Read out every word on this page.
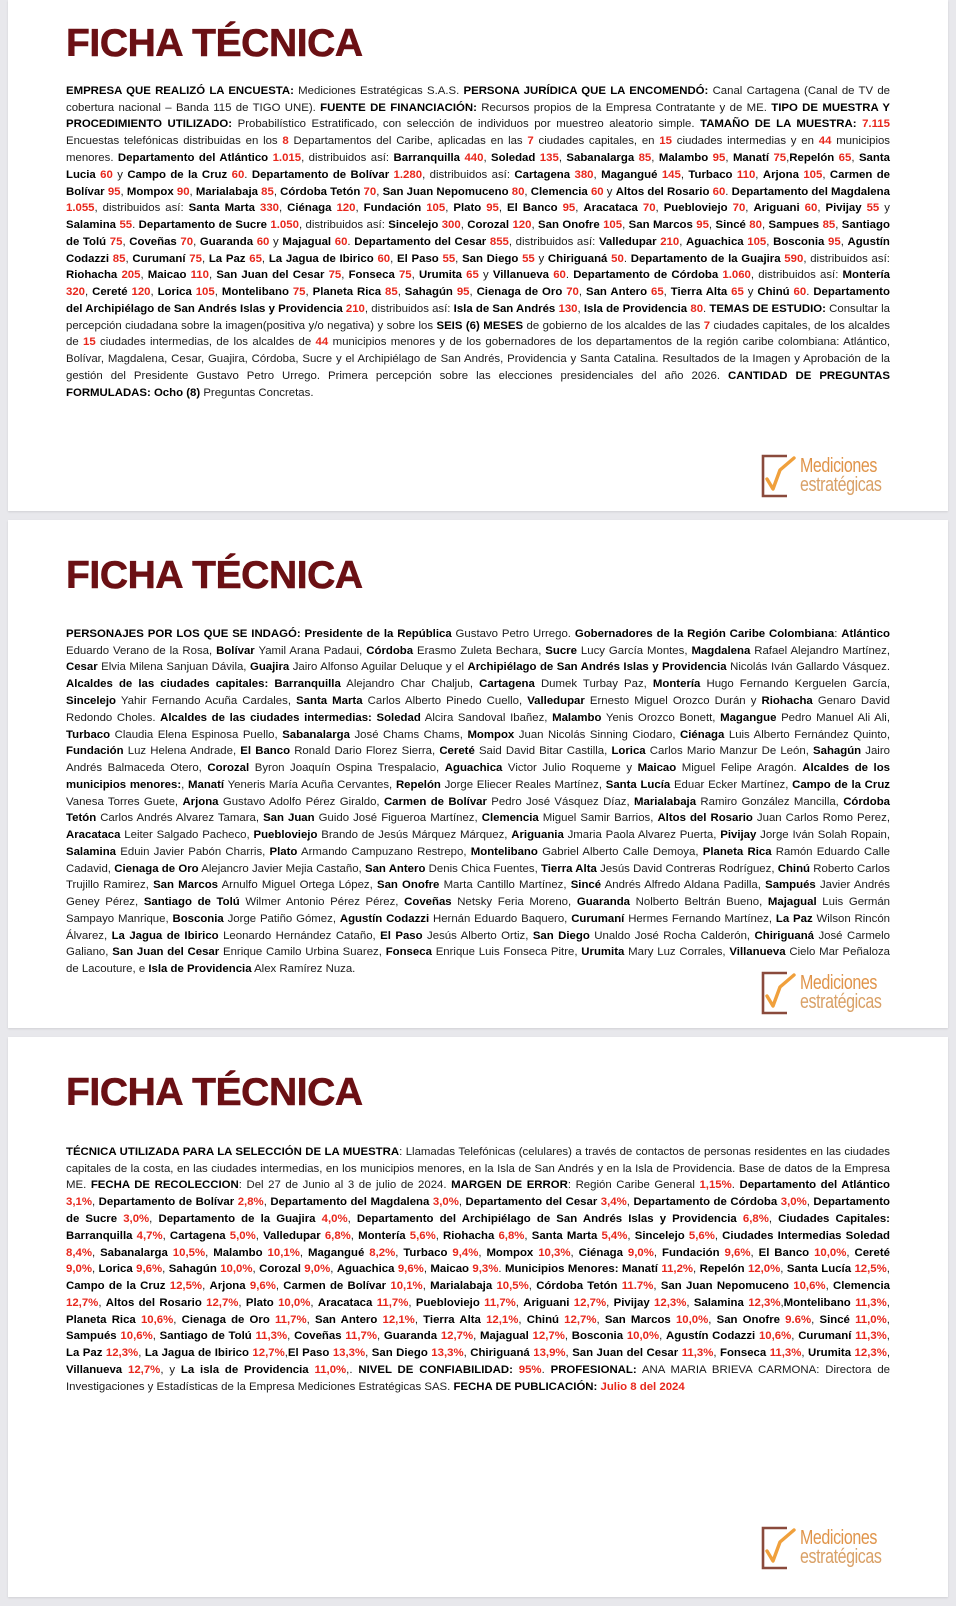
FICHA TÉCNICA
EMPRESA QUE REALIZÓ LA ENCUESTA: Mediciones Estratégicas S.A.S. PERSONA JURÍDICA QUE LA ENCOMENDÓ: Canal Cartagena (Canal de TV de cobertura nacional – Banda 115 de TIGO UNE). FUENTE DE FINANCIACIÓN: Recursos propios de la Empresa Contratante y de ME. TIPO DE MUESTRA Y PROCEDIMIENTO UTILIZADO: Probabilístico Estratificado, con selección de individuos por muestreo aleatorio simple. TAMAÑO DE LA MUESTRA: 7.115 Encuestas telefónicas distribuidas en los 8 Departamentos del Caribe, aplicadas en las 7 ciudades capitales, en 15 ciudades intermedias y en 44 municipios menores. Departamento del Atlántico 1.015, distribuidos así: Barranquilla 440, Soledad 135, Sabanalarga 85, Malambo 95, Manatí 75,Repelón 65, Santa Lucia 60 y Campo de la Cruz 60. Departamento de Bolívar 1.280, distribuidos así: Cartagena 380, Magangué 145, Turbaco 110, Arjona 105, Carmen de Bolívar 95, Mompox 90, Marialabaja 85, Córdoba Tetón 70, San Juan Nepomuceno 80, Clemencia 60 y Altos del Rosario 60. Departamento del Magdalena 1.055, distribuidos así: Santa Marta 330, Ciénaga 120, Fundación 105, Plato 95, El Banco 95, Aracataca 70, Puebloviejo 70, Ariguani 60, Pivijay 55 y Salamina 55. Departamento de Sucre 1.050, distribuidos así: Sincelejo 300, Corozal 120, San Onofre 105, San Marcos 95, Sincé 80, Sampues 85, Santiago de Tolú 75, Coveñas 70, Guaranda 60 y Majagual 60. Departamento del Cesar 855, distribuidos así: Valledupar 210, Aguachica 105, Bosconia 95, Agustín Codazzi 85, Curumaní 75, La Paz 65, La Jagua de Ibirico 60, El Paso 55, San Diego 55 y Chiriguaná 50. Departamento de la Guajira 590, distribuidos así: Riohacha 205, Maicao 110, San Juan del Cesar 75, Fonseca 75, Urumita 65 y Villanueva 60. Departamento de Córdoba 1.060, distribuidos así: Montería 320, Cereté 120, Lorica 105, Montelibano 75, Planeta Rica 85, Sahagún 95, Cienaga de Oro 70, San Antero 65, Tierra Alta 65 y Chinú 60. Departamento del Archipiélago de San Andrés Islas y Providencia 210, distribuidos así: Isla de San Andrés 130, Isla de Providencia 80. TEMAS DE ESTUDIO: Consultar la percepción ciudadana sobre la imagen(positiva y/o negativa) y sobre los SEIS (6) MESES de gobierno de los alcaldes de las 7 ciudades capitales, de los alcaldes de 15 ciudades intermedias, de los alcaldes de 44 municipios menores y de los gobernadores de los departamentos de la región caribe colombiana: Atlántico, Bolívar, Magdalena, Cesar, Guajira, Córdoba, Sucre y el Archipiélago de San Andrés, Providencia y Santa Catalina. Resultados de la Imagen y Aprobación de la gestión del Presidente Gustavo Petro Urrego. Primera percepción sobre las elecciones presidenciales del año 2026. CANTIDAD DE PREGUNTAS FORMULADAS: Ocho (8) Preguntas Concretas.
Mediciones
estratégicas
FICHA TÉCNICA
PERSONAJES POR LOS QUE SE INDAGÓ: Presidente de la República Gustavo Petro Urrego. Gobernadores de la Región Caribe Colombiana: Atlántico Eduardo Verano de la Rosa, Bolívar Yamil Arana Padaui, Córdoba Erasmo Zuleta Bechara, Sucre Lucy García Montes, Magdalena Rafael Alejandro Martínez, Cesar Elvia Milena Sanjuan Dávila, Guajira Jairo Alfonso Aguilar Deluque y el Archipiélago de San Andrés Islas y Providencia Nicolás Iván Gallardo Vásquez. Alcaldes de las ciudades capitales: Barranquilla Alejandro Char Chaljub, Cartagena Dumek Turbay Paz, Montería Hugo Fernando Kerguelen García, Sincelejo Yahir Fernando Acuña Cardales, Santa Marta Carlos Alberto Pinedo Cuello, Valledupar Ernesto Miguel Orozco Durán y Riohacha Genaro David Redondo Choles. Alcaldes de las ciudades intermedias: Soledad Alcira Sandoval Ibañez, Malambo Yenis Orozco Bonett, Magangue Pedro Manuel Ali Ali, Turbaco Claudia Elena Espinosa Puello, Sabanalarga José Chams Chams, Mompox Juan Nicolás Sinning Ciodaro, Ciénaga Luis Alberto Fernández Quinto, Fundación Luz Helena Andrade, El Banco Ronald Dario Florez Sierra, Cereté Said David Bitar Castilla, Lorica Carlos Mario Manzur De León, Sahagún Jairo Andrés Balmaceda Otero, Corozal Byron Joaquín Ospina Trespalacio, Aguachica Victor Julio Roqueme y Maicao Miguel Felipe Aragón. Alcaldes de los municipios menores:, Manatí Yeneris María Acuña Cervantes, Repelón Jorge Eliecer Reales Martínez, Santa Lucía Eduar Ecker Martínez, Campo de la Cruz Vanesa Torres Guete, Arjona Gustavo Adolfo Pérez Giraldo, Carmen de Bolívar Pedro José Vásquez Díaz, Marialabaja Ramiro González Mancilla, Córdoba Tetón Carlos Andrés Alvarez Tamara, San Juan Guido José Figueroa Martínez, Clemencia Miguel Samir Barrios, Altos del Rosario Juan Carlos Romo Perez, Aracataca Leiter Salgado Pacheco, Puebloviejo Brando de Jesús Márquez Márquez, Ariguania Jmaria Paola Alvarez Puerta, Pivijay Jorge Iván Solah Ropain, Salamina Eduin Javier Pabón Charris, Plato Armando Campuzano Restrepo, Montelibano Gabriel Alberto Calle Demoya, Planeta Rica Ramón Eduardo Calle Cadavid, Cienaga de Oro Alejancro Javier Mejia Castaño, San Antero Denis Chica Fuentes, Tierra Alta Jesús David Contreras Rodríguez, Chinú Roberto Carlos Trujillo Ramirez, San Marcos Arnulfo Miguel Ortega López, San Onofre Marta Cantillo Martínez, Sincé Andrés Alfredo Aldana Padilla, Sampués Javier Andrés Geney Pérez, Santiago de Tolú Wilmer Antonio Pérez Pérez, Coveñas Netsky Feria Moreno, Guaranda Nolberto Beltrán Bueno, Majagual Luis Germán Sampayo Manrique, Bosconia Jorge Patiño Gómez, Agustín Codazzi Hernán Eduardo Baquero, Curumaní Hermes Fernando Martínez, La Paz Wilson Rincón Álvarez, La Jagua de Ibirico Leonardo Hernández Cataño, El Paso Jesús Alberto Ortiz, San Diego Unaldo José Rocha Calderón, Chiriguaná José Carmelo Galiano, San Juan del Cesar Enrique Camilo Urbina Suarez, Fonseca Enrique Luis Fonseca Pitre, Urumita Mary Luz Corrales, Villanueva Cielo Mar Peñaloza de Lacouture, e Isla de Providencia Alex Ramírez Nuza.
Mediciones
estratégicas
FICHA TÉCNICA
TÉCNICA UTILIZADA PARA LA SELECCIÓN DE LA MUESTRA: Llamadas Telefónicas (celulares) a través de contactos de personas residentes en las ciudades capitales de la costa, en las ciudades intermedias, en los municipios menores, en la Isla de San Andrés y en la Isla de Providencia. Base de datos de la Empresa ME. FECHA DE RECOLECCION: Del 27 de Junio al 3 de julio de 2024. MARGEN DE ERROR: Región Caribe General 1,15%. Departamento del Atlántico 3,1%, Departamento de Bolívar 2,8%, Departamento del Magdalena 3,0%, Departamento del Cesar 3,4%, Departamento de Córdoba 3,0%, Departamento de Sucre 3,0%, Departamento de la Guajira 4,0%, Departamento del Archipiélago de San Andrés Islas y Providencia 6,8%, Ciudades Capitales: Barranquilla 4,7%, Cartagena 5,0%, Valledupar 6,8%, Montería 5,6%, Riohacha 6,8%, Santa Marta 5,4%, Sincelejo 5,6%, Ciudades Intermedias Soledad 8,4%, Sabanalarga 10,5%, Malambo 10,1%, Magangué 8,2%, Turbaco 9,4%, Mompox 10,3%, Ciénaga 9,0%, Fundación 9,6%, El Banco 10,0%, Cereté 9,0%, Lorica 9,6%, Sahagún 10,0%, Corozal 9,0%, Aguachica 9,6%, Maicao 9,3%. Municipios Menores: Manatí 11,2%, Repelón 12,0%, Santa Lucía 12,5%, Campo de la Cruz 12,5%, Arjona 9,6%, Carmen de Bolívar 10,1%, Marialabaja 10,5%, Córdoba Tetón 11.7%, San Juan Nepomuceno 10,6%, Clemencia 12,7%, Altos del Rosario 12,7%, Plato 10,0%, Aracataca 11,7%, Puebloviejo 11,7%, Ariguani 12,7%, Pivijay 12,3%, Salamina 12,3%,Montelibano 11,3%, Planeta Rica 10,6%, Cienaga de Oro 11,7%, San Antero 12,1%, Tierra Alta 12,1%, Chinú 12,7%, San Marcos 10,0%, San Onofre 9.6%, Sincé 11,0%, Sampués 10,6%, Santiago de Tolú 11,3%, Coveñas 11,7%, Guaranda 12,7%, Majagual 12,7%, Bosconia 10,0%, Agustín Codazzi 10,6%, Curumaní 11,3%, La Paz 12,3%, La Jagua de Ibirico 12,7%,El Paso 13,3%, San Diego 13,3%, Chiriguaná 13,9%, San Juan del Cesar 11,3%, Fonseca 11,3%, Urumita 12,3%, Villanueva 12,7%, y La isla de Providencia 11,0%,. NIVEL DE CONFIABILIDAD: 95%. PROFESIONAL: ANA MARIA BRIEVA CARMONA: Directora de Investigaciones y Estadísticas de la Empresa Mediciones Estratégicas SAS. FECHA DE PUBLICACIÓN: Julio 8 del 2024
Mediciones
estratégicas
